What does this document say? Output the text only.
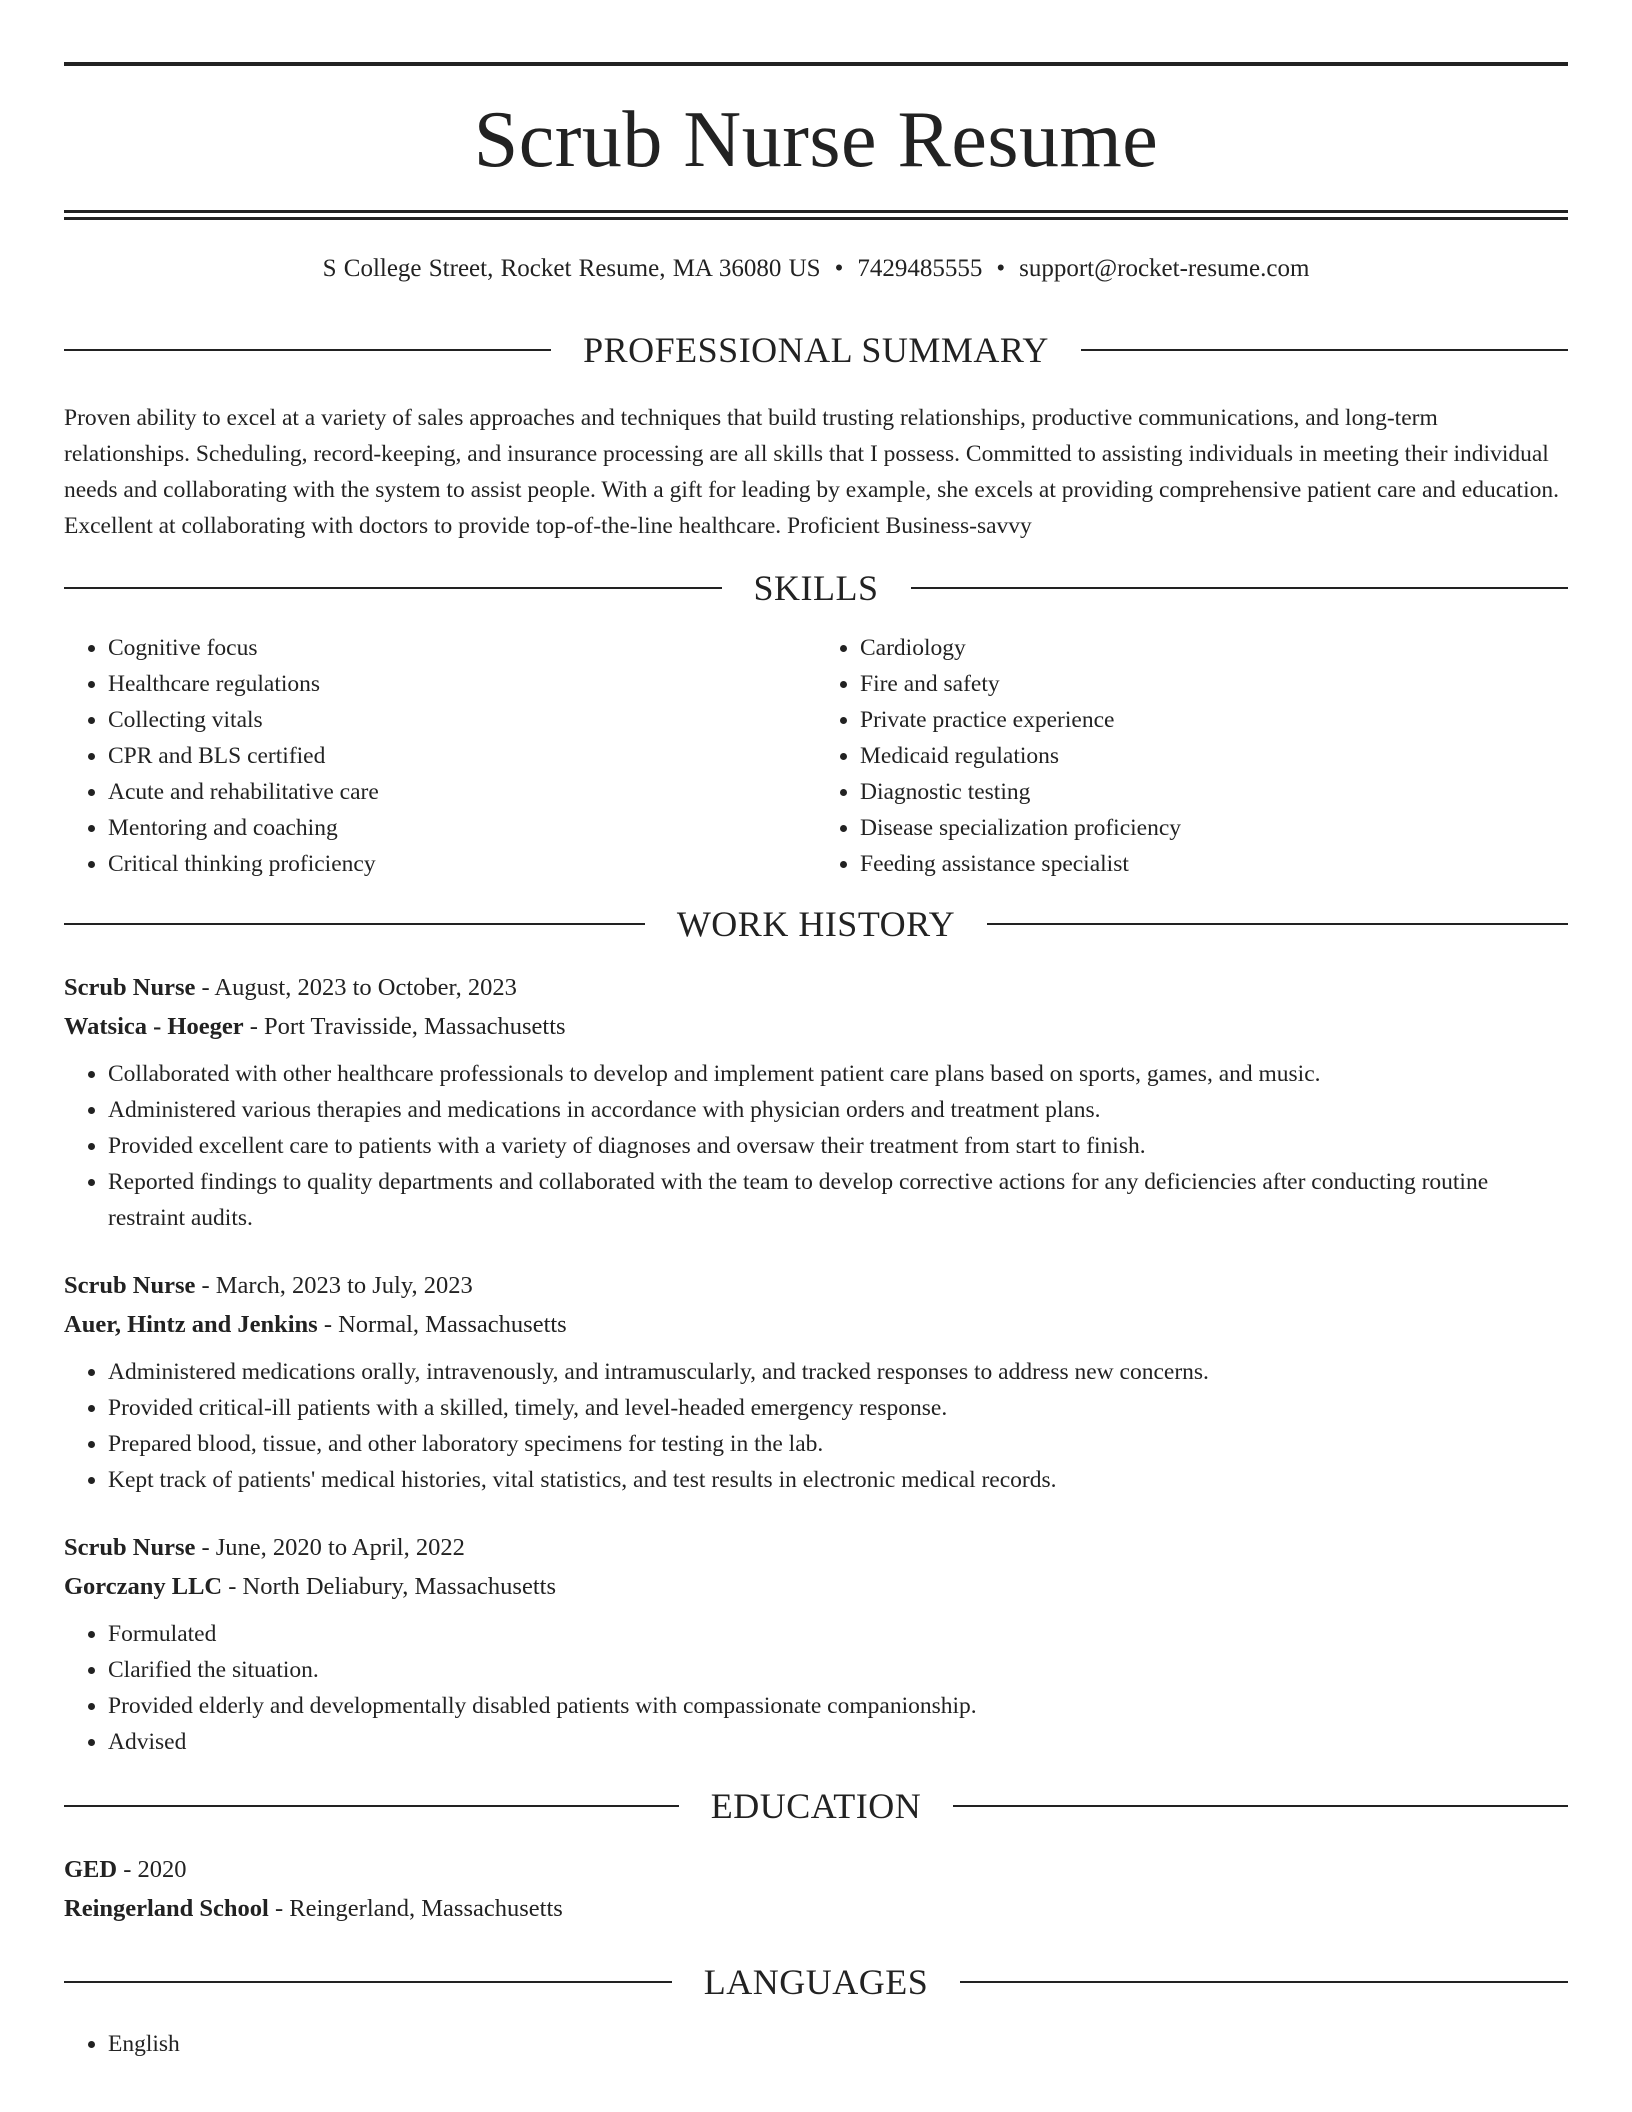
Scrub Nurse Resume
S College Street, Rocket Resume, MA 36080 US • 7429485555 • support@rocket-resume.com
PROFESSIONAL SUMMARY

Proven ability to excel at a variety of sales approaches and techniques that build trusting relationships, productive communications, and long-term relationships. Scheduling, record-keeping, and insurance processing are all skills that I possess. Committed to assisting individuals in meeting their individual needs and collaborating with the system to assist people. With a gift for leading by example, she excels at providing comprehensive patient care and education. Excellent at collaborating with doctors to provide top-of-the-line healthcare. Proficient Business-savvy

SKILLS
• Cognitive focus
• Healthcare regulations
• Collecting vitals
• CPR and BLS certified
• Acute and rehabilitative care
• Mentoring and coaching
• Critical thinking proficiency
• Cardiology
• Fire and safety
• Private practice experience
• Medicaid regulations
• Diagnostic testing
• Disease specialization proficiency
• Feeding assistance specialist
WORK HISTORY
Scrub Nurse - August, 2023 to October, 2023
Watsica - Hoeger - Port Travisside, Massachusetts
• Collaborated with other healthcare professionals to develop and implement patient care plans based on sports, games, and music.
• Administered various therapies and medications in accordance with physician orders and treatment plans.
• Provided excellent care to patients with a variety of diagnoses and oversaw their treatment from start to finish.
• Reported findings to quality departments and collaborated with the team to develop corrective actions for any deficiencies after conducting routine restraint audits.
Scrub Nurse - March, 2023 to July, 2023
Auer, Hintz and Jenkins - Normal, Massachusetts
• Administered medications orally, intravenously, and intramuscularly, and tracked responses to address new concerns.
• Provided critical-ill patients with a skilled, timely, and level-headed emergency response.
• Prepared blood, tissue, and other laboratory specimens for testing in the lab.
• Kept track of patients' medical histories, vital statistics, and test results in electronic medical records.
Scrub Nurse - June, 2020 to April, 2022
Gorczany LLC - North Deliabury, Massachusetts
• Formulated
• Clarified the situation.
• Provided elderly and developmentally disabled patients with compassionate companionship.
• Advised
EDUCATION
GED - 2020
Reingerland School - Reingerland, Massachusetts
LANGUAGES
• English
